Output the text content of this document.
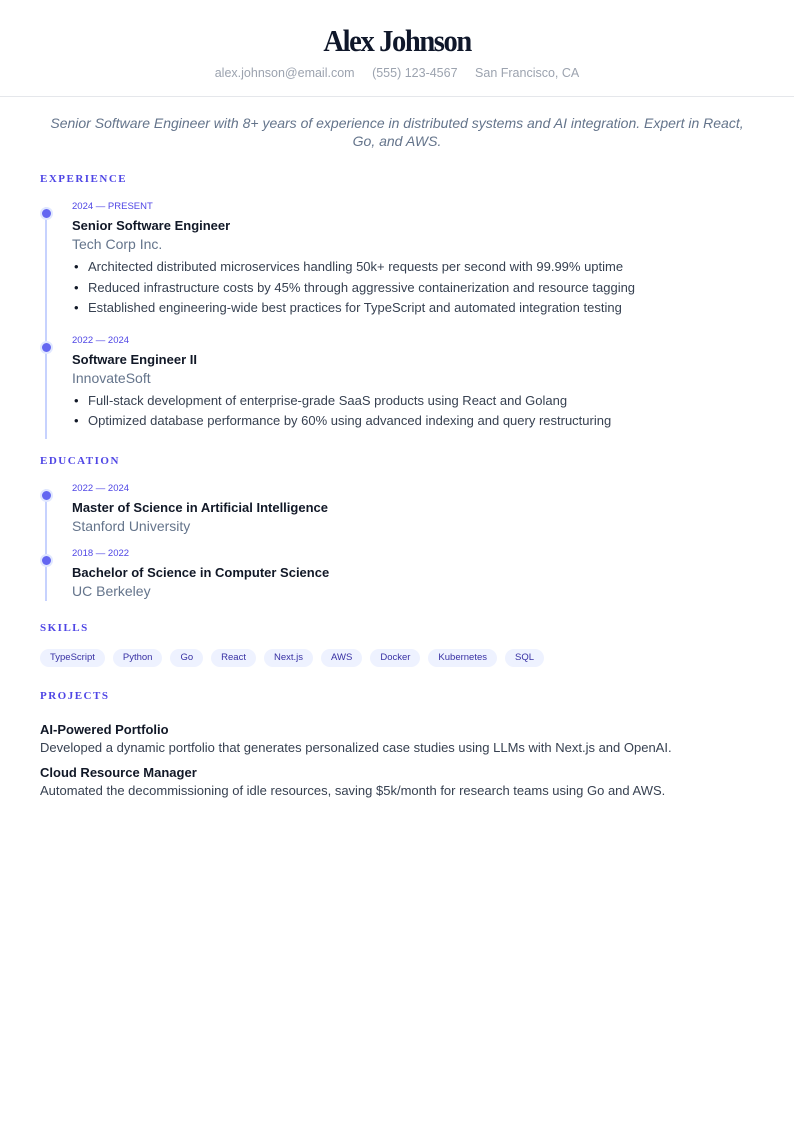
Alex Johnson
alex.johnson@email.com (555) 123-4567 San Francisco, CA
Senior Software Engineer with 8+ years of experience in distributed systems and AI integration. Expert in React, Go, and AWS.
EXPERIENCE
2024 — PRESENT
Senior Software Engineer
Tech Corp Inc.
• Architected distributed microservices handling 50k+ requests per second with 99.99% uptime
• Reduced infrastructure costs by 45% through aggressive containerization and resource tagging
• Established engineering-wide best practices for TypeScript and automated integration testing
2022 — 2024
Software Engineer II
InnovateSoft
• Full-stack development of enterprise-grade SaaS products using React and Golang
• Optimized database performance by 60% using advanced indexing and query restructuring
EDUCATION
2022 — 2024
Master of Science in Artificial Intelligence
Stanford University
2018 — 2022
Bachelor of Science in Computer Science
UC Berkeley
SKILLS
TypeScript	Python	Go	React	Next.js	AWS	Docker	Kubernetes	SQL
PROJECTS
AI-Powered Portfolio
Developed a dynamic portfolio that generates personalized case studies using LLMs with Next.js and OpenAI.
Cloud Resource Manager
Automated the decommissioning of idle resources, saving $5k/month for research teams using Go and AWS.
